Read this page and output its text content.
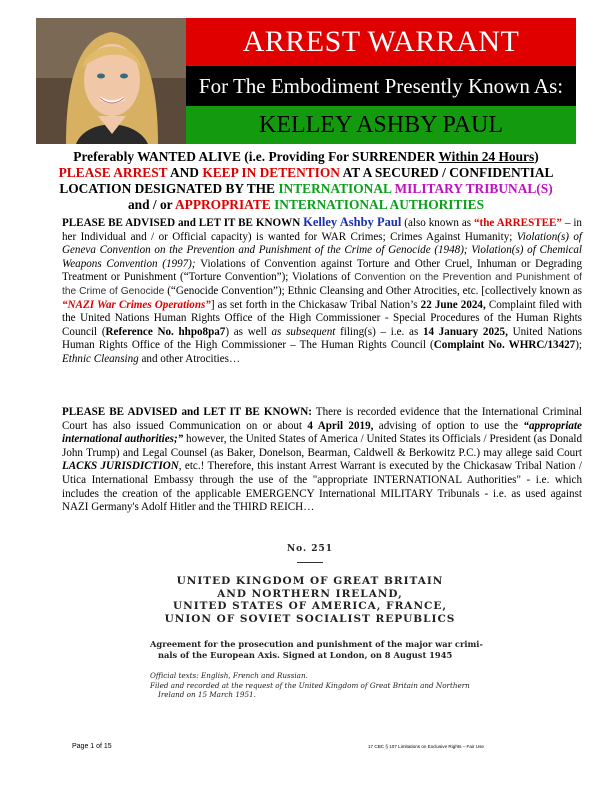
ARREST WARRANT
For The Embodiment Presently Known As:
KELLEY ASHBY PAUL
Preferably WANTED ALIVE (i.e. Providing For SURRENDER Within 24 Hours)
PLEASE ARREST AND KEEP IN DETENTION AT A SECURED / CONFIDENTIAL
LOCATION DESIGNATED BY THE INTERNATIONAL MILITARY TRIBUNAL(S)
and / or APPROPRIATE INTERNATIONAL AUTHORITIES
PLEASE BE ADVISED and LET IT BE KNOWN Kelley Ashby Paul (also known as “the ARRESTEE” – in her Individual and / or Official capacity) is wanted for WAR Crimes; Crimes Against Humanity; Violation(s) of Geneva Convention on the Prevention and Punishment of the Crime of Genocide (1948); Violation(s) of Chemical Weapons Convention (1997); Violations of Convention against Torture and Other Cruel, Inhuman or Degrading Treatment or Punishment (“Torture Convention”); Violations of Convention on the Prevention and Punishment of the Crime of Genocide (“Genocide Convention”); Ethnic Cleansing and Other Atrocities, etc. [collectively known as “NAZI War Crimes Operations”] as set forth in the Chickasaw Tribal Nation’s 22 June 2024, Complaint filed with the United Nations Human Rights Office of the High Commissioner - Special Procedures of the Human Rights Council (Reference No. hhpo8pa7) as well as subsequent filing(s) – i.e. as 14 January 2025, United Nations Human Rights Office of the High Commissioner – The Human Rights Council (Complaint No. WHRC/13427); Ethnic Cleansing and other Atrocities…
PLEASE BE ADVISED and LET IT BE KNOWN: There is recorded evidence that the International Criminal Court has also issued Communication on or about 4 April 2019, advising of option to use the “appropriate international authorities;” however, the United States of America / United States its Officials / President (as Donald John Trump) and Legal Counsel (as Baker, Donelson, Bearman, Caldwell & Berkowitz P.C.) may allege said Court LACKS JURISDICTION, etc.! Therefore, this instant Arrest Warrant is executed by the Chickasaw Tribal Nation / Utica International Embassy through the use of the "appropriate INTERNATIONAL Authorities" - i.e. which includes the creation of the applicable EMERGENCY International MILITARY Tribunals - i.e. as used against NAZI Germany's Adolf Hitler and the THIRD REICH…
No. 251
UNITED KINGDOM OF GREAT BRITAIN
AND NORTHERN IRELAND,
UNITED STATES OF AMERICA, FRANCE,
UNION OF SOVIET SOCIALIST REPUBLICS
Agreement for the prosecution and punishment of the major war crimi-
nals of the European Axis. Signed at London, on 8 August 1945
Official texts: English, French and Russian.
Filed and recorded at the request of the United Kingdom of Great Britain and Northern
Ireland on 15 March 1951.
Page 1 of 15	17 CBC § 107 Limitations on Exclusive Rights – Fair Use
